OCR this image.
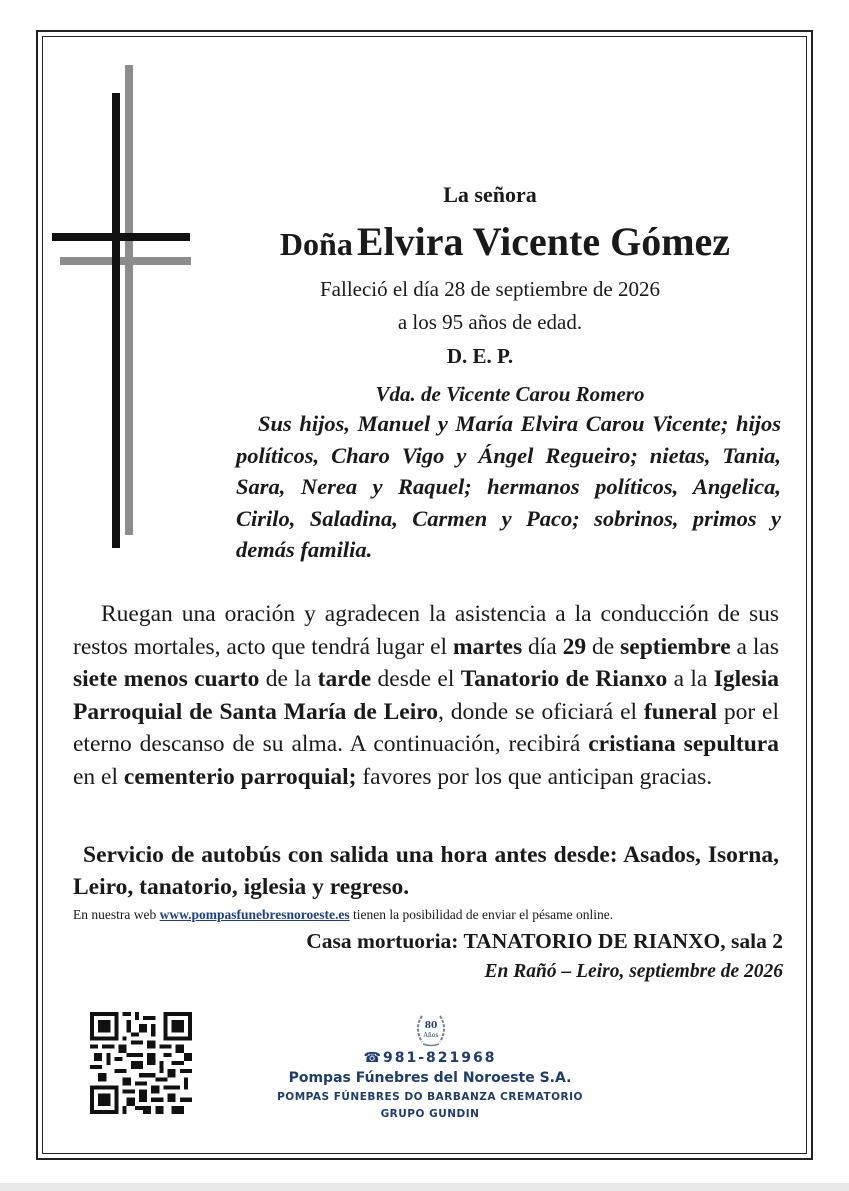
La señora
Doña Elvira Vicente Gómez
Falleció el día 28 de septiembre de 2026
a los 95 años de edad.
D. E. P.
Vda. de Vicente Carou Romero
Sus hijos, Manuel y María Elvira Carou Vicente; hijos políticos, Charo Vigo y Ángel Regueiro; nietas, Tania, Sara, Nerea y Raquel; hermanos políticos, Angelica, Cirilo, Saladina, Carmen y Paco; sobrinos, primos y demás familia.
Ruegan una oración y agradecen la asistencia a la conducción de sus restos mortales, acto que tendrá lugar el martes día 29 de septiembre a las siete menos cuarto de la tarde desde el Tanatorio de Rianxo a la Iglesia Parroquial de Santa María de Leiro, donde se oficiará el funeral por el eterno descanso de su alma. A continuación, recibirá cristiana sepultura en el cementerio parroquial; favores por los que anticipan gracias.
Servicio de autobús con salida una hora antes desde: Asados, Isorna, Leiro, tanatorio, iglesia y regreso.
En nuestra web www.pompasfunebresnoroeste.es tienen la posibilidad de enviar el pésame online.
Casa mortuoria: TANATORIO DE RIANXO, sala 2
En Rañó – Leiro, septiembre de 2026
80
Años
☎ 981-821968
Pompas Fúnebres del Noroeste S.A.
POMPAS FÚNEBRES DO BARBANZA CREMATORIO
GRUPO GUNDIN
